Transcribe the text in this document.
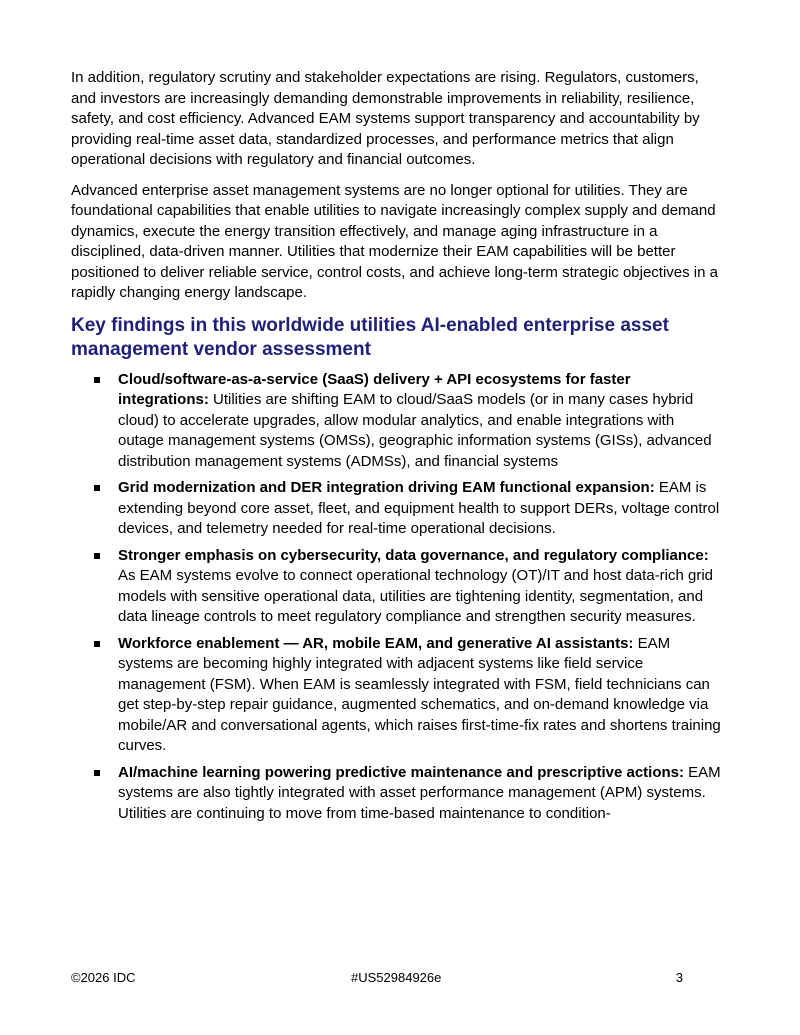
In addition, regulatory scrutiny and stakeholder expectations are rising. Regulators, customers, and investors are increasingly demanding demonstrable improvements in reliability, resilience, safety, and cost efficiency. Advanced EAM systems support transparency and accountability by providing real-time asset data, standardized processes, and performance metrics that align operational decisions with regulatory and financial outcomes.

Advanced enterprise asset management systems are no longer optional for utilities. They are foundational capabilities that enable utilities to navigate increasingly complex supply and demand dynamics, execute the energy transition effectively, and manage aging infrastructure in a disciplined, data-driven manner. Utilities that modernize their EAM capabilities will be better positioned to deliver reliable service, control costs, and achieve long-term strategic objectives in a rapidly changing energy landscape.

Key findings in this worldwide utilities AI-enabled enterprise asset management vendor assessment
Cloud/software-as-a-service (SaaS) delivery + API ecosystems for faster integrations: Utilities are shifting EAM to cloud/SaaS models (or in many cases hybrid cloud) to accelerate upgrades, allow modular analytics, and enable integrations with outage management systems (OMSs), geographic information systems (GISs), advanced distribution management systems (ADMSs), and financial systems
Grid modernization and DER integration driving EAM functional expansion: EAM is extending beyond core asset, fleet, and equipment health to support DERs, voltage control devices, and telemetry needed for real-time operational decisions.
Stronger emphasis on cybersecurity, data governance, and regulatory compliance: As EAM systems evolve to connect operational technology (OT)/IT and host data-rich grid models with sensitive operational data, utilities are tightening identity, segmentation, and data lineage controls to meet regulatory compliance and strengthen security measures.
Workforce enablement — AR, mobile EAM, and generative AI assistants: EAM systems are becoming highly integrated with adjacent systems like field service management (FSM). When EAM is seamlessly integrated with FSM, field technicians can get step-by-step repair guidance, augmented schematics, and on-demand knowledge via mobile/AR and conversational agents, which raises first-time-fix rates and shortens training curves.
AI/machine learning powering predictive maintenance and prescriptive actions: EAM systems are also tightly integrated with asset performance management (APM) systems. Utilities are continuing to move from time-based maintenance to condition-
©2026 IDC	#US52984926e	3
